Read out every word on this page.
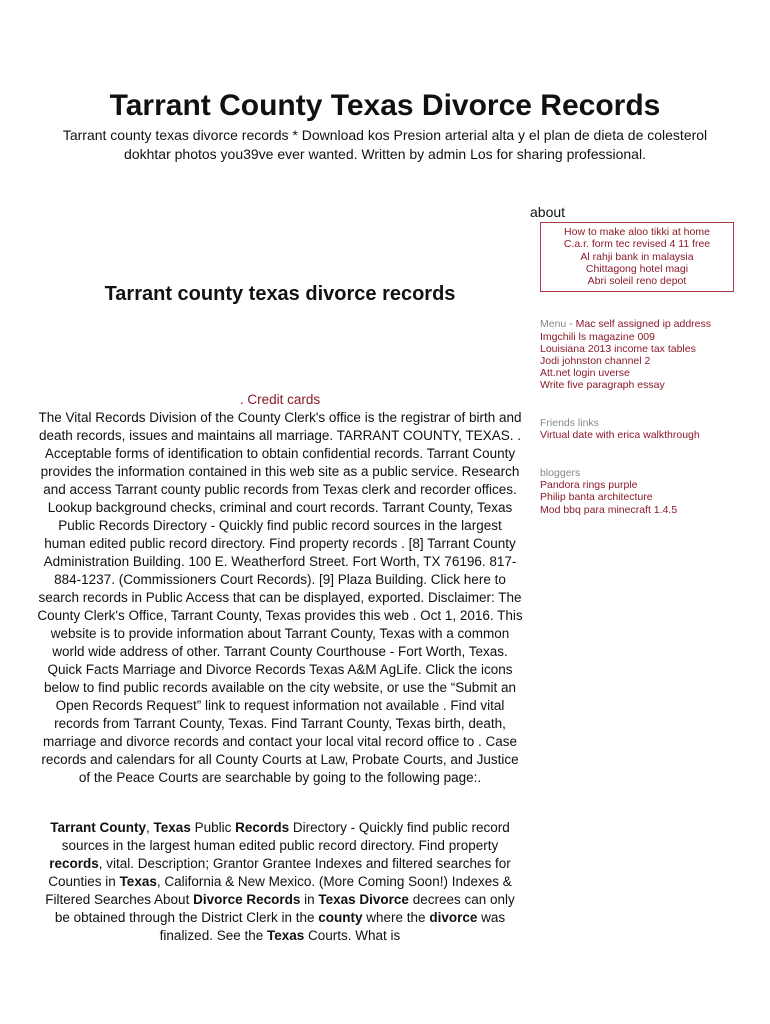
Tarrant County Texas Divorce Records

Tarrant county texas divorce records * Download kos Presion arterial alta y el plan de dieta de colesterol dokhtar photos you39ve ever wanted. Written by admin Los for sharing professional.

Tarrant county texas divorce records

. Credit cards

The Vital Records Division of the County Clerk's office is the registrar of birth and death records, issues and maintains all marriage. TARRANT COUNTY, TEXAS. . Acceptable forms of identification to obtain confidential records. Tarrant County provides the information contained in this web site as a public service. Research and access Tarrant county public records from Texas clerk and recorder offices. Lookup background checks, criminal and court records. Tarrant County, Texas Public Records Directory - Quickly find public record sources in the largest human edited public record directory. Find property records . [8] Tarrant County Administration Building. 100 E. Weatherford Street. Fort Worth, TX 76196. 817-884-1237. (Commissioners Court Records). [9] Plaza Building. Click here to search records in Public Access that can be displayed, exported. Disclaimer: The County Clerk's Office, Tarrant County, Texas provides this web . Oct 1, 2016. This website is to provide information about Tarrant County, Texas with a common world wide address of other. Tarrant County Courthouse - Fort Worth, Texas. Quick Facts Marriage and Divorce Records Texas A&M AgLife. Click the icons below to find public records available on the city website, or use the “Submit an Open Records Request” link to request information not available . Find vital records from Tarrant County, Texas. Find Tarrant County, Texas birth, death, marriage and divorce records and contact your local vital record office to . Case records and calendars for all County Courts at Law, Probate Courts, and Justice of the Peace Courts are searchable by going to the following page:.

Tarrant County, Texas Public Records Directory - Quickly find public record sources in the largest human edited public record directory. Find property records, vital. Description; Grantor Grantee Indexes and filtered searches for Counties in Texas, California & New Mexico. (More Coming Soon!) Indexes & Filtered Searches About Divorce Records in Texas Divorce decrees can only be obtained through the District Clerk in the county where the divorce was finalized. See the Texas Courts. What is

about
How to make aloo tikki at home
C.a.r. form tec revised 4 11 free
Al rahji bank in malaysia
Chittagong hotel magi
Abri soleil reno depot
Menu - Mac self assigned ip address
Imgchili ls magazine 009
Louisiana 2013 income tax tables
Jodi johnston channel 2
Att.net login uverse
Write five paragraph essay
Friends links
Virtual date with erica walkthrough
bloggers
Pandora rings purple
Philip banta architecture
Mod bbq para minecraft 1.4.5
